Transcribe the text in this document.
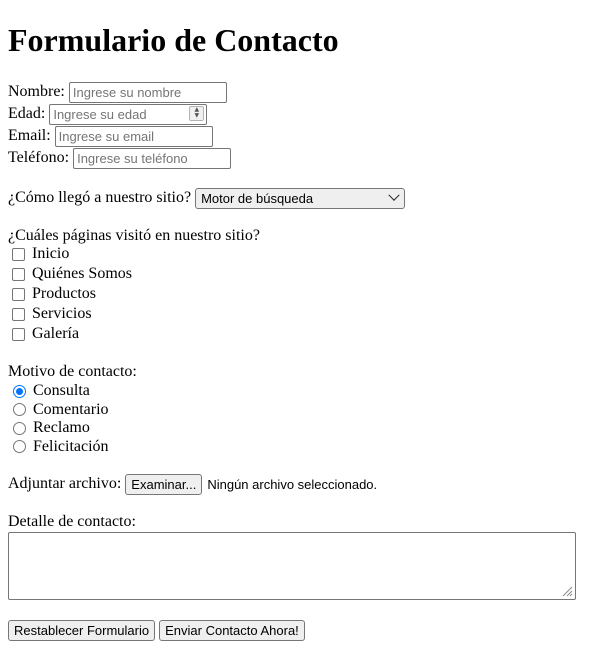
Formulario de Contacto
Nombre:
Ingrese su nombre
Edad:
Ingrese su edad	▲
▼
Email:
Ingrese su email
Teléfono:
Ingrese su teléfono
¿Cómo llegó a nuestro sitio? Motor de búsqueda
¿Cuáles páginas visitó en nuestro sitio?
Inicio
Quiénes Somos
Productos
Servicios
Galería
Motivo de contacto:
Consulta
Comentario
Reclamo
Felicitación
Adjuntar archivo: Examinar... Ningún archivo seleccionado.
Detalle de contacto:
Restablecer Formulario	Enviar Contacto Ahora!
